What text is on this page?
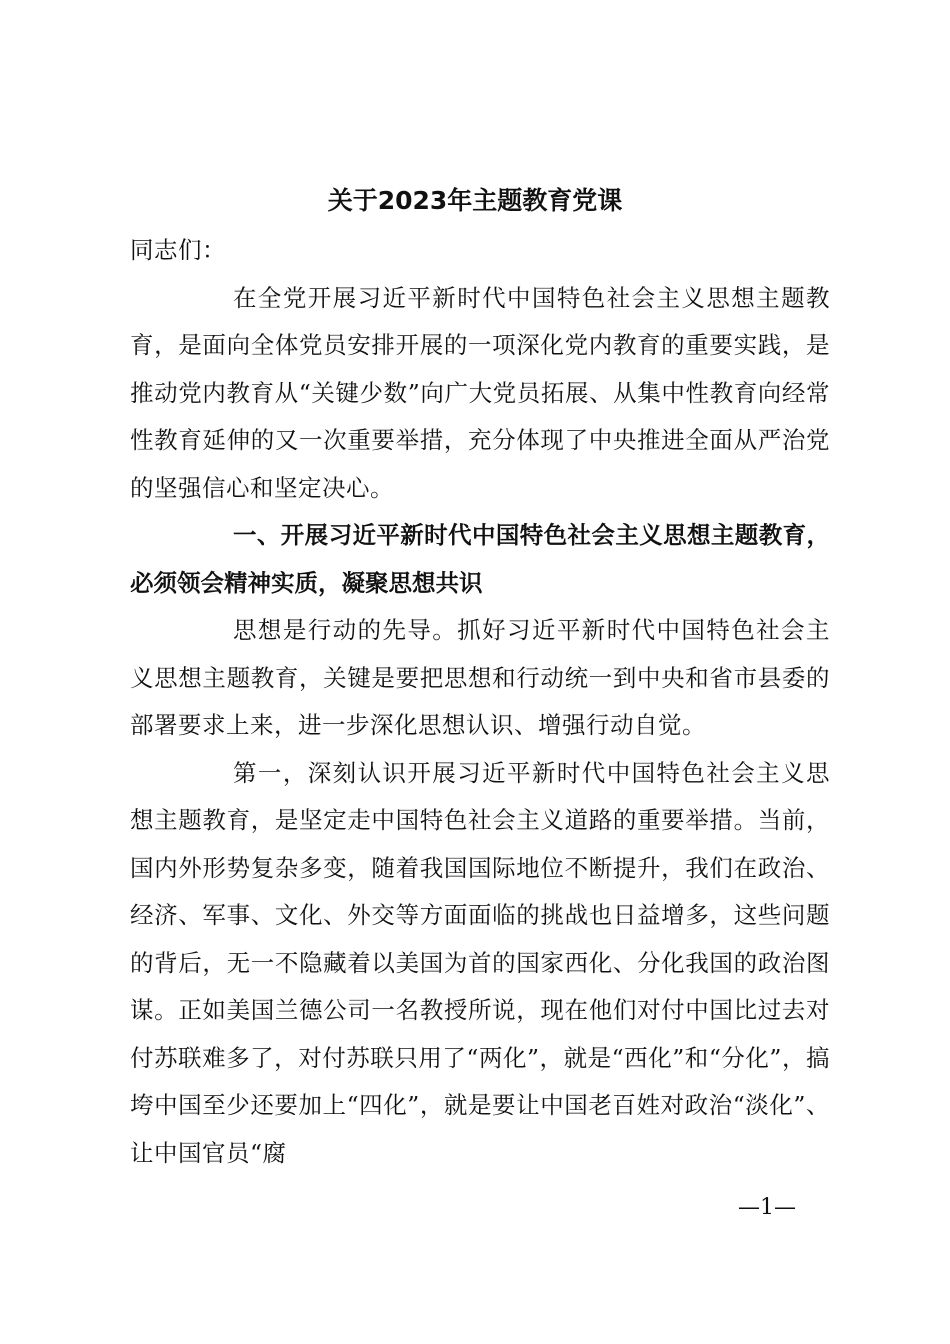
关于2023年主题教育党课

同志们：

在全党开展习近平新时代中国特色社会主义思想主题教育，是面向全体党员安排开展的一项深化党内教育的重要实践，是推动党内教育从“关键少数”向广大党员拓展、从集中性教育向经常性教育延伸的又一次重要举措，充分体现了中央推进全面从严治党的坚强信心和坚定决心。

一、开展习近平新时代中国特色社会主义思想主题教育，必须领会精神实质，凝聚思想共识

思想是行动的先导。抓好习近平新时代中国特色社会主义思想主题教育，关键是要把思想和行动统一到中央和省市县委的部署要求上来，进一步深化思想认识、增强行动自觉。

第一，深刻认识开展习近平新时代中国特色社会主义思想主题教育，是坚定走中国特色社会主义道路的重要举措。当前，国内外形势复杂多变，随着我国国际地位不断提升，我们在政治、经济、军事、文化、外交等方面面临的挑战也日益增多，这些问题的背后，无一不隐藏着以美国为首的国家西化、分化我国的政治图谋。正如美国兰德公司一名教授所说，现在他们对付中国比过去对付苏联难多了，对付苏联只用了“两化”，就是“西化”和“分化”，搞垮中国至少还要加上“四化”，就是要让中国老百姓对政治“淡化”、让中国官员“腐

—1—
